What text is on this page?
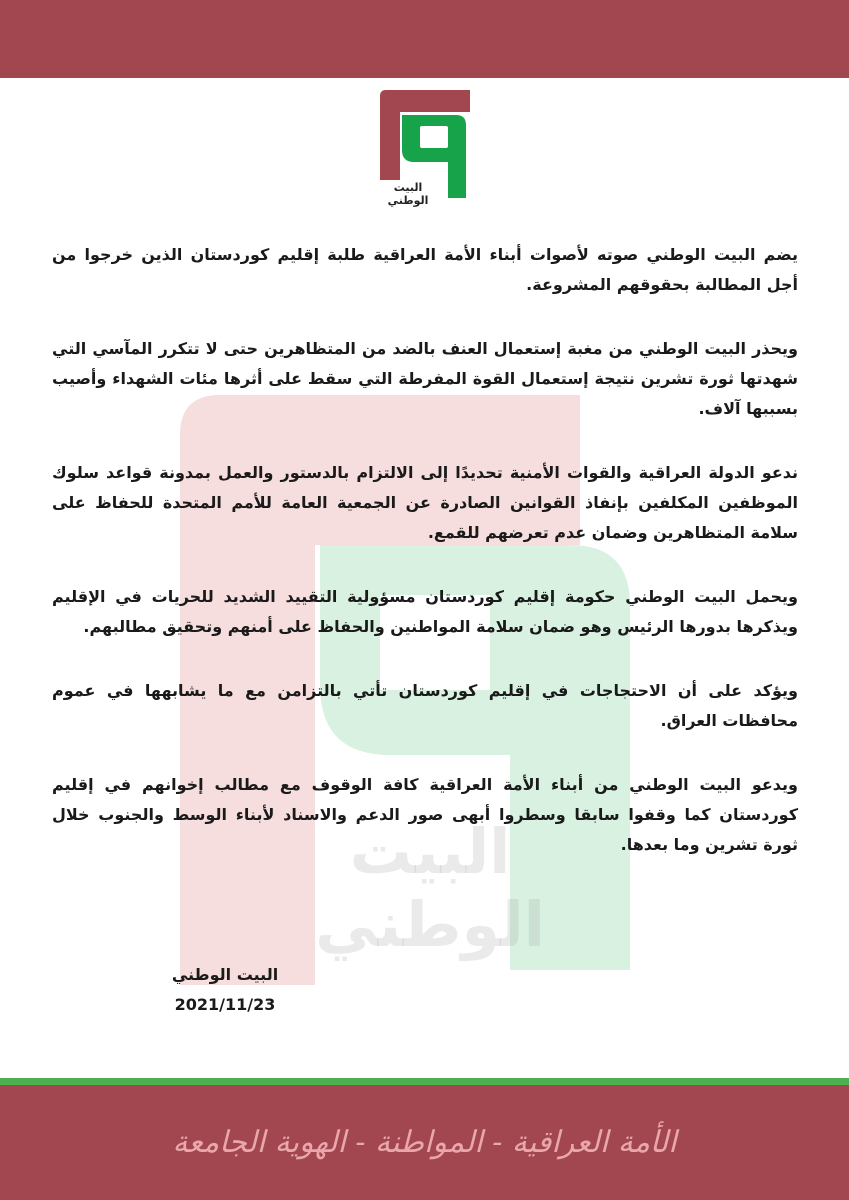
البيت الوطني
البيت الوطني

يضم البيت الوطني صوته لأصوات أبناء الأمة العراقية طلبة إقليم كوردستان الذين خرجوا من أجل المطالبة بحقوقهم المشروعة.

ويحذر البيت الوطني من مغبة إستعمال العنف بالضد من المتظاهرين حتى لا تتكرر المآسي التي شهدتها ثورة تشرين نتيجة إستعمال القوة المفرطة التي سقط على أثرها مئات الشهداء وأصيب بسببها آلاف.

ندعو الدولة العراقية والقوات الأمنية تحديدًا إلى الالتزام بالدستور والعمل بمدونة قواعد سلوك الموظفين المكلفين بإنفاذ القوانين الصادرة عن الجمعية العامة للأمم المتحدة للحفاظ على سلامة المتظاهرين وضمان عدم تعرضهم للقمع.

ويحمل البيت الوطني حكومة إقليم كوردستان مسؤولية التقييد الشديد للحريات في الإقليم ويذكرها بدورها الرئيس وهو ضمان سلامة المواطنين والحفاظ على أمنهم وتحقيق مطالبهم.

ويؤكد على أن الاحتجاجات في إقليم كوردستان تأتي بالتزامن مع ما يشابهها في عموم محافظات العراق.

ويدعو البيت الوطني من أبناء الأمة العراقية كافة الوقوف مع مطالب إخوانهم في إقليم كوردستان كما وقفوا سابقا وسطروا أبهى صور الدعم والاسناد لأبناء الوسط والجنوب خلال ثورة تشرين وما بعدها.

البيت الوطني
2021/11/23
الأمة العراقية - المواطنة - الهوية الجامعة
